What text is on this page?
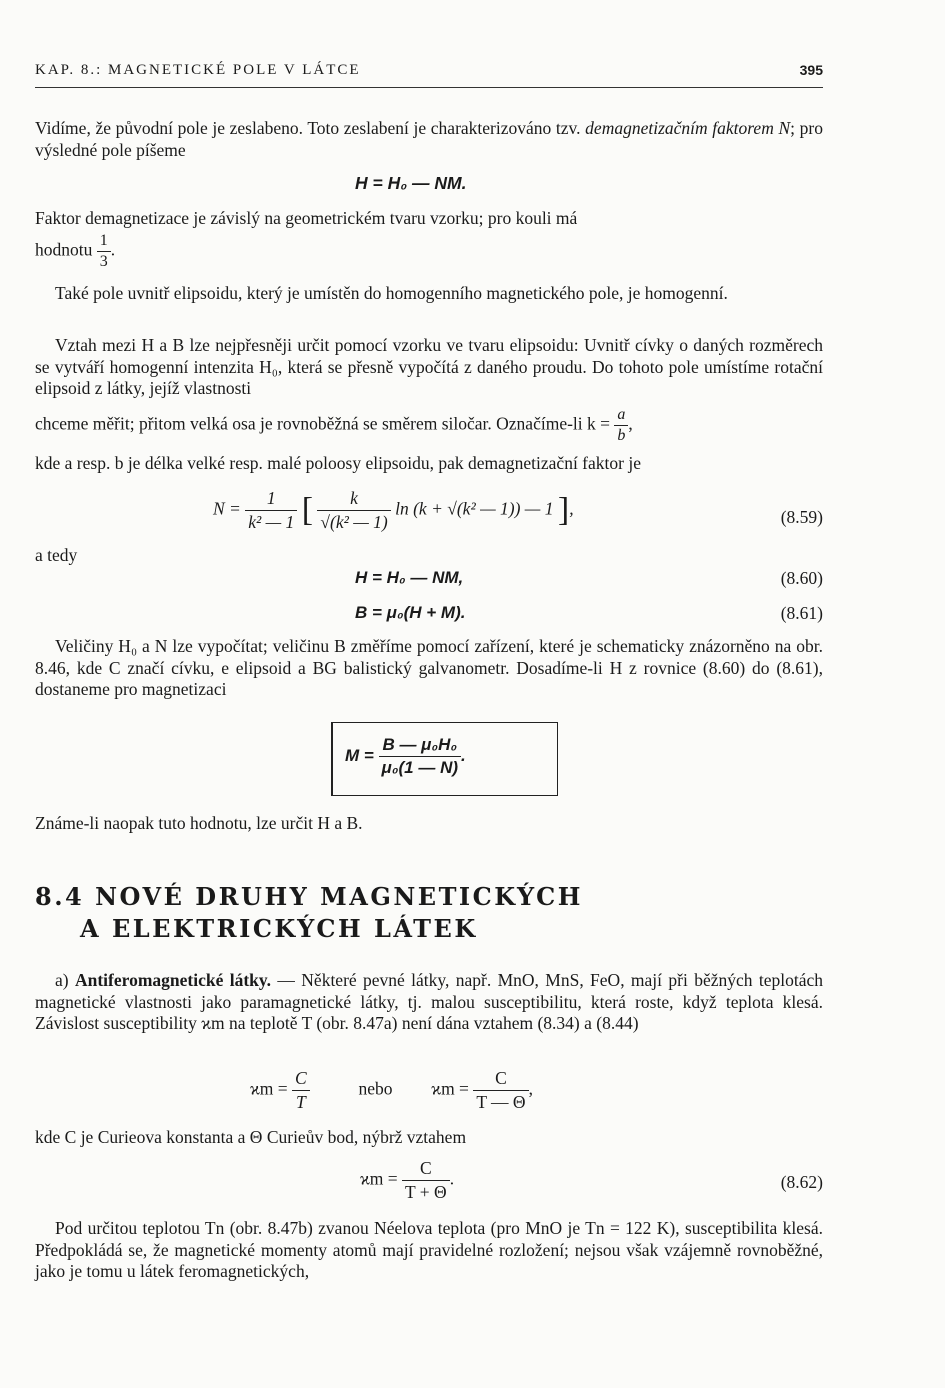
KAP. 8.: MAGNETICKÉ POLE V LÁTCE	395

Vidíme, že původní pole je zeslabeno. Toto zeslabení je charakterizováno tzv. demagnetizačním faktorem N; pro výsledné pole píšeme

H = H₀ — NM.

Faktor demagnetizace je závislý na geometrickém tvaru vzorku; pro kouli má

hodnotu $\frac{1}{3}$ .

Také pole uvnitř elipsoidu, který je umístěn do homogenního magnetického pole, je homogenní.

Vztah mezi H a B lze nejpřesněji určit pomocí vzorku ve tvaru elipsoidu: Uvnitř cívky o daných rozměrech se vytváří homogenní intenzita H₀, která se přesně vypočítá z daného proudu. Do tohoto pole umístíme rotační elipsoid z látky, jejíž vlastnosti

chceme měřit; přitom velká osa je rovnoběžná se směrem siločar. Označíme-li $k = \frac{a}{b}$ ,

kde a resp. b je délka velké resp. malé poloosy elipsoidu, pak demagnetizační faktor je

$N = \frac{1}{\text{k² — 1}}$ [ $\frac{k}{\text{√(k² — 1)}}$ ln (k + √(k² — 1)) — 1 ],	(8.59)

a tedy

H = H₀ — NM,	(8.60)
B = μ₀(H + M).	(8.61)

Veličiny H₀ a N lze vypočítat; veličinu B změříme pomocí zařízení, které je schematicky znázorněno na obr. 8.46, kde C značí cívku, e elipsoid a BG balistický galvanometr. Dosadíme-li H z rovnice (8.60) do (8.61), dostaneme pro magnetizaci

$M = \frac{\text{B — μ₀H₀}}{\text{μ₀(1 — N)}}$ .

Známe-li naopak tuto hodnotu, lze určit H a B.

8.4 NOVÉ DRUHY MAGNETICKÝCH
A ELEKTRICKÝCH LÁTEK

a) Antiferomagnetické látky. — Některé pevné látky, např. MnO, MnS, FeO, mají při běžných teplotách magnetické vlastnosti jako paramagnetické látky, tj. malou susceptibilitu, která roste, když teplota klesá. Závislost susceptibility ϰm na teplotě T (obr. 8.47a) není dána vztahem (8.34) a (8.44)

$ϰm = \frac{C}{T}$	nebo $ϰm = \frac{C}{T — \Theta}$ ,

kde C je Curieova konstanta a Θ Curieův bod, nýbrž vztahem

$ϰm = \frac{C}{T + \Theta}$ .	(8.62)

Pod určitou teplotou Tn (obr. 8.47b) zvanou Néelova teplota (pro MnO je Tn = 122 K), susceptibilita klesá. Předpokládá se, že magnetické momenty atomů mají pravidelné rozložení; nejsou však vzájemně rovnoběžné, jako je tomu u látek feromagnetických,
